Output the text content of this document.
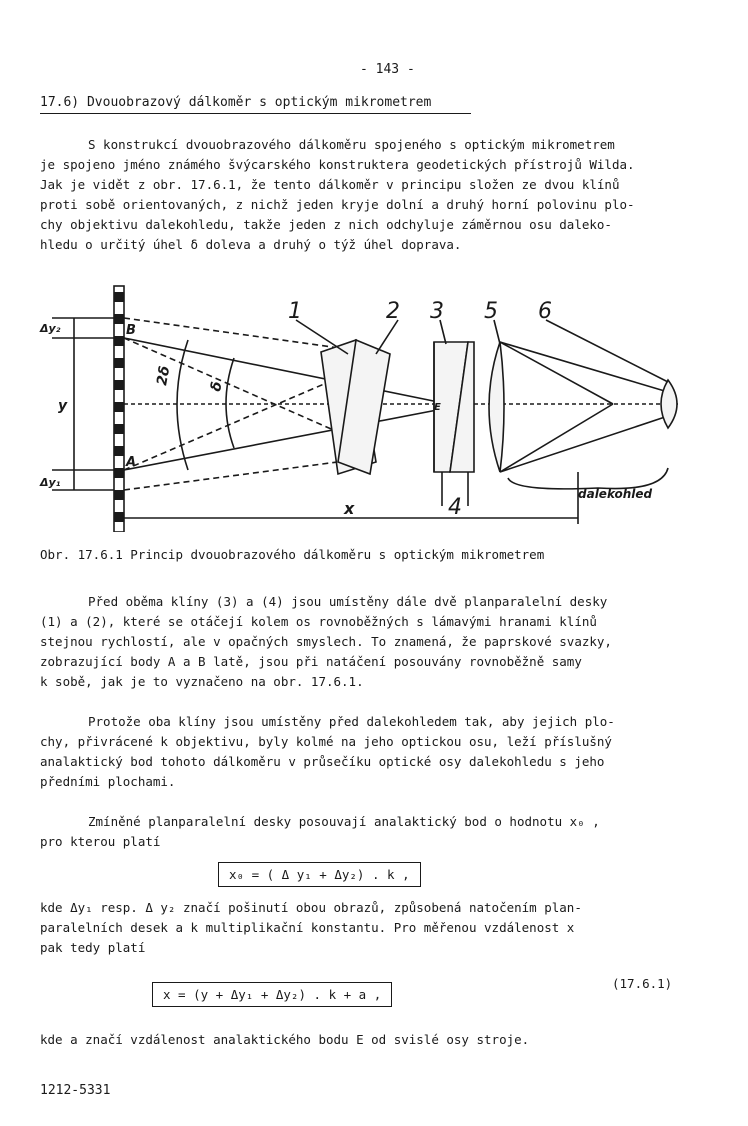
- 143 -
17.6) Dvouobrazový dálkoměr s optickým mikrometrem
S konstrukcí dvouobrazového dálkoměru spojeného s optickým mikrometrem
je spojeno jméno známého švýcarského konstruktera geodetických přístrojů Wilda.
Jak je vidět z obr. 17.6.1, že tento dálkoměr v principu složen ze dvou klínů
proti sobě orientovaných, z nichž jeden kryje dolní a druhý horní polovinu plo-
chy objektivu dalekohledu, takže jeden z nich odchyluje záměrnou osu daleko-
hledu o určitý úhel δ doleva a druhý o týž úhel doprava.
1	2 3 5 6
4
B
A
E
Δy₂
Δy₁
y
x
2δ δ
dalekohled
Obr. 17.6.1 Princip dvouobrazového dálkoměru s optickým mikrometrem
Před oběma klíny (3) a (4) jsou umístěny dále dvě planparalelní desky
(1) a (2), které se otáčejí kolem os rovnoběžných s lámavými hranami klínů
stejnou rychlostí, ale v opačných smyslech. To znamená, že paprskové svazky,
zobrazující body A a B latě, jsou při natáčení posouvány rovnoběžně samy
k sobě, jak je to vyznačeno na obr. 17.6.1.
Protože oba klíny jsou umístěny před dalekohledem tak, aby jejich plo-
chy, přivrácené k objektivu, byly kolmé na jeho optickou osu, leží příslušný
analaktický bod tohoto dálkoměru v průsečíku optické osy dalekohledu s jeho
předními plochami.
Zmíněné planparalelní desky posouvají analaktický bod o hodnotu x₀ ,
pro kterou platí
x₀ = ( Δ y₁ + Δy₂) . k ,
kde Δy₁ resp. Δ y₂ značí pošinutí obou obrazů, způsobená natočením plan-
paralelních desek a k multiplikační konstantu. Pro měřenou vzdálenost x
pak tedy platí
(17.6.1)
x = (y + Δy₁ + Δy₂) . k + a ,
kde a značí vzdálenost analaktického bodu E od svislé osy stroje.
1212-5331
